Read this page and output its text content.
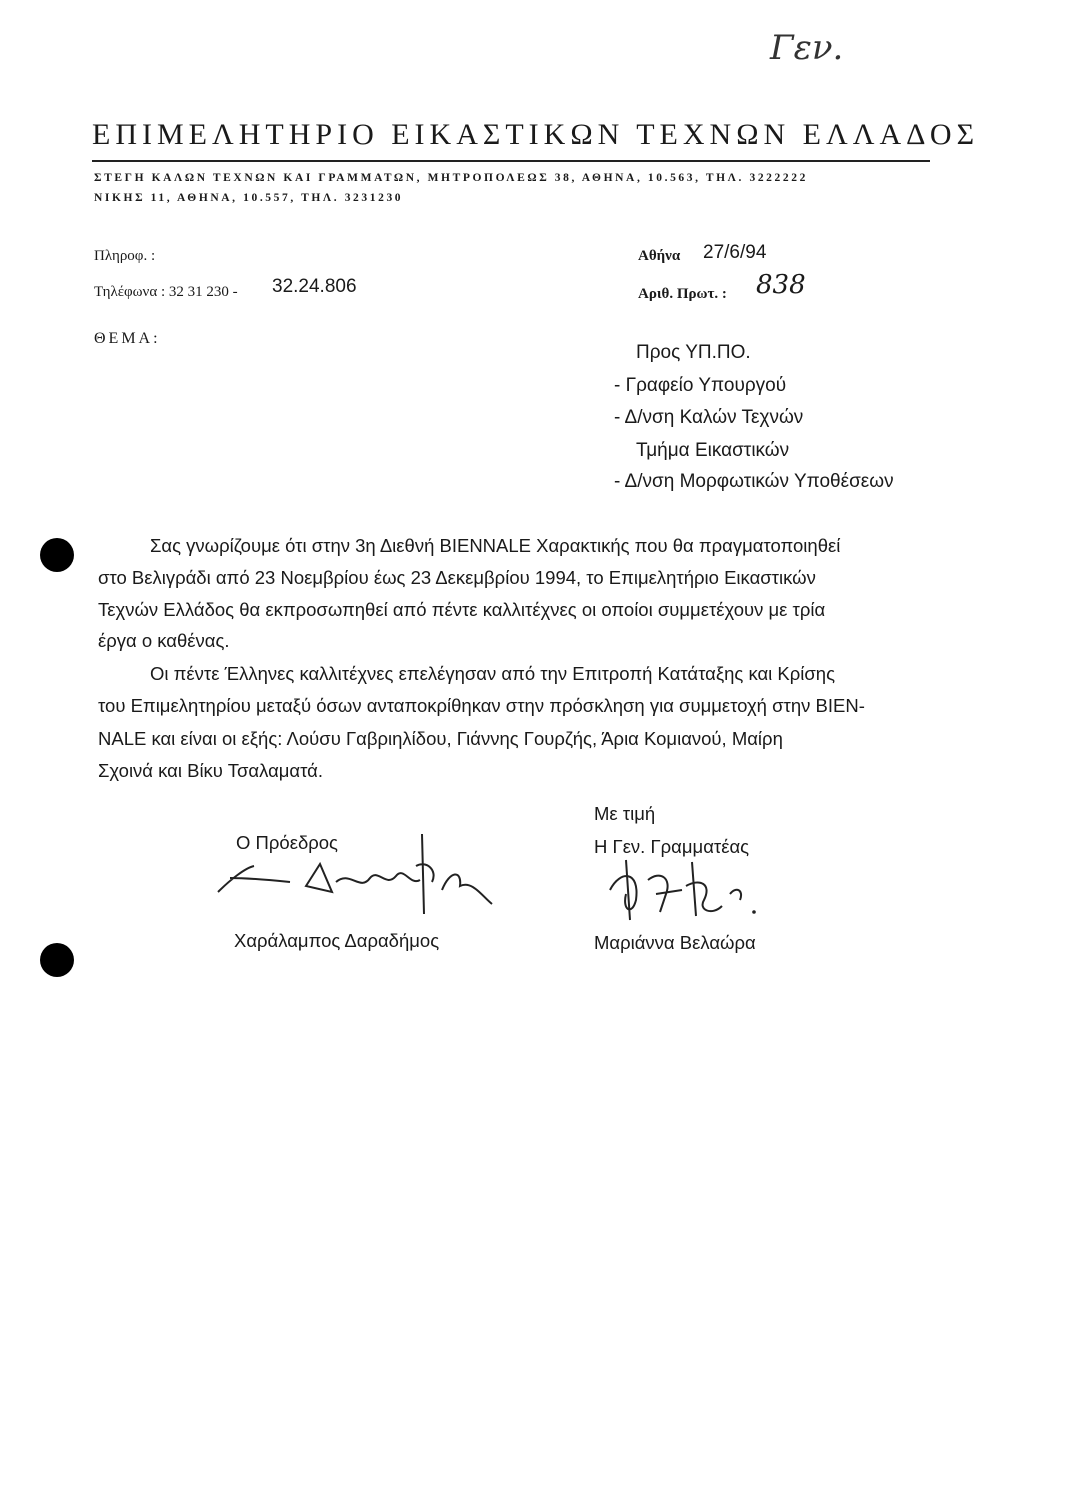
Γεν.
ΕΠΙΜΕΛΗΤΗΡΙΟ ΕΙΚΑΣΤΙΚΩΝ ΤΕΧΝΩΝ ΕΛΛΑΔΟΣ
ΣΤΕΓΗ ΚΑΛΩΝ ΤΕΧΝΩΝ ΚΑΙ ΓΡΑΜΜΑΤΩΝ, ΜΗΤΡΟΠΟΛΕΩΣ 38, ΑΘΗΝΑ, 10.563, ΤΗΛ. 3222222
ΝΙΚΗΣ 11, ΑΘΗΝΑ, 10.557, ΤΗΛ. 3231230
Πληροφ. :
Τηλέφωνα : 32 31 230 - 32.24.806
ΘΕΜΑ:
Αθήνα 27/6/94
Αριθ. Πρωτ. : 838
Προς ΥΠ.ΠΟ.
- Γραφείο Υπουργού
- Δ/νση Καλών Τεχνών
Τμήμα Εικαστικών
- Δ/νση Μορφωτικών Υποθέσεων
Σας γνωρίζουμε ότι στην 3η Διεθνή BIENNALE Χαρακτικής που θα πραγματοποιηθεί
στο Βελιγράδι από 23 Νοεμβρίου έως 23 Δεκεμβρίου 1994, το Επιμελητήριο Εικαστικών
Τεχνών Ελλάδος θα εκπροσωπηθεί από πέντε καλλιτέχνες οι οποίοι συμμετέχουν με τρία
έργα ο καθένας.
Οι πέντε Έλληνες καλλιτέχνες επελέγησαν από την Επιτροπή Κατάταξης και Κρίσης
του Επιμελητηρίου μεταξύ όσων ανταποκρίθηκαν στην πρόσκληση για συμμετοχή στην BIEN-
NALE και είναι οι εξής: Λούσυ Γαβριηλίδου, Γιάννης Γουρζής, Άρια Κομιανού, Μαίρη
Σχοινά και Βίκυ Τσαλαματά.
Ο Πρόεδρος
Χαράλαμπος Δαραδήμος
Με τιμή
Η Γεν. Γραμματέας
Μαριάννα Βελαώρα
